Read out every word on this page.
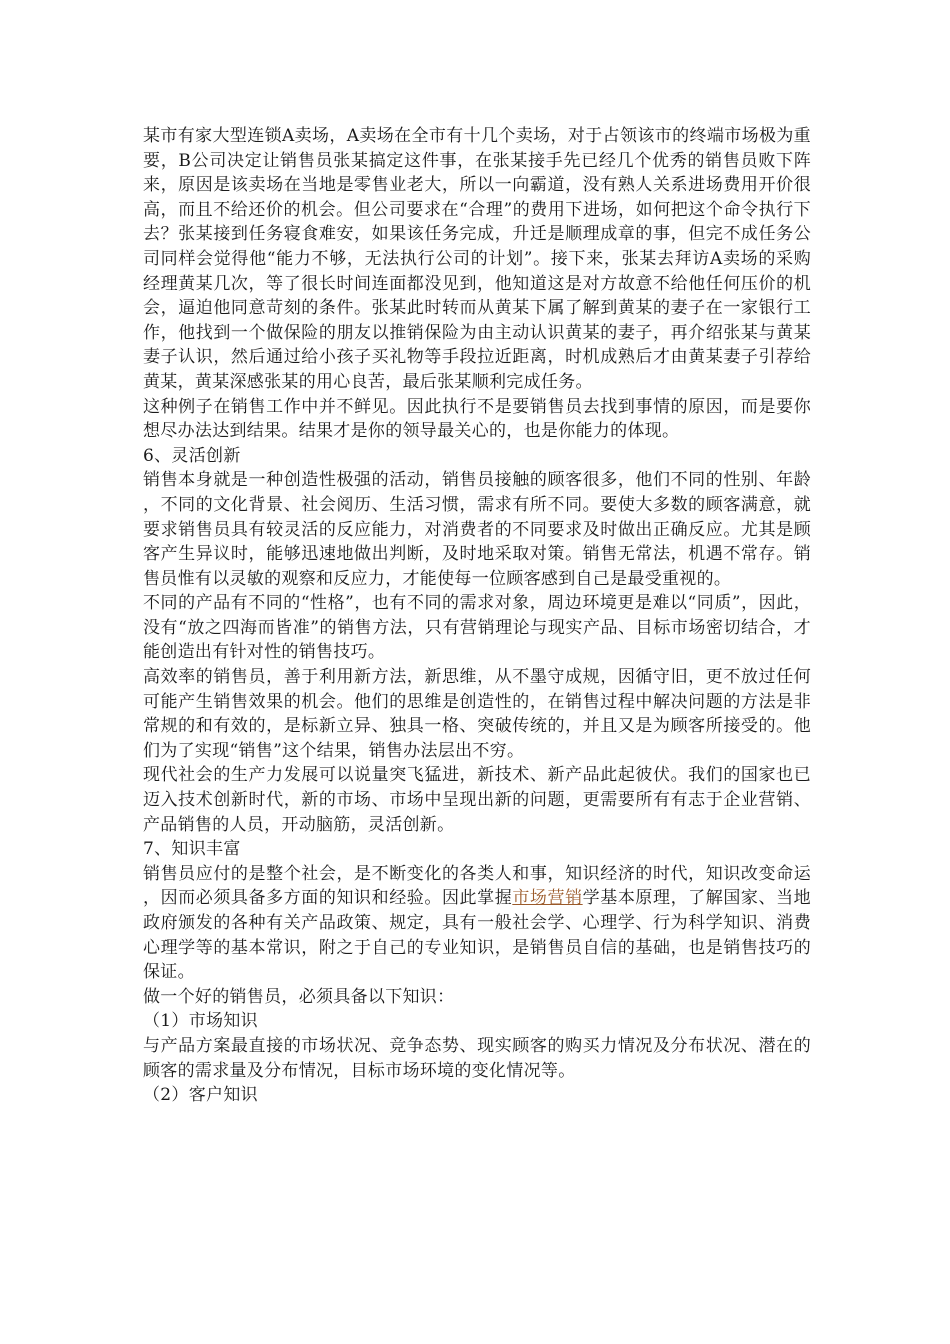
某市有家大型连锁A卖场，A卖场在全市有十几个卖场，对于占领该市的终端市场极为重要，B公司决定让销售员张某搞定这件事，在张某接手先已经几个优秀的销售员败下阵来，原因是该卖场在当地是零售业老大，所以一向霸道，没有熟人关系进场费用开价很高，而且不给还价的机会。但公司要求在“合理”的费用下进场，如何把这个命令执行下去？张某接到任务寝食难安，如果该任务完成，升迁是顺理成章的事，但完不成任务公司同样会觉得他“能力不够，无法执行公司的计划”。接下来，张某去拜访A卖场的采购经理黄某几次，等了很长时间连面都没见到，他知道这是对方故意不给他任何压价的机会，逼迫他同意苛刻的条件。张某此时转而从黄某下属了解到黄某的妻子在一家银行工作，他找到一个做保险的朋友以推销保险为由主动认识黄某的妻子，再介绍张某与黄某妻子认识，然后通过给小孩子买礼物等手段拉近距离，时机成熟后才由黄某妻子引荐给黄某，黄某深感张某的用心良苦，最后张某顺利完成任务。

这种例子在销售工作中并不鲜见。因此执行不是要销售员去找到事情的原因，而是要你想尽办法达到结果。结果才是你的领导最关心的，也是你能力的体现。

6、灵活创新

销售本身就是一种创造性极强的活动，销售员接触的顾客很多，他们不同的性别、年龄，不同的文化背景、社会阅历、生活习惯，需求有所不同。要使大多数的顾客满意，就要求销售员具有较灵活的反应能力，对消费者的不同要求及时做出正确反应。尤其是顾客产生异议时，能够迅速地做出判断，及时地采取对策。销售无常法，机遇不常存。销售员惟有以灵敏的观察和反应力，才能使每一位顾客感到自己是最受重视的。

不同的产品有不同的“性格”，也有不同的需求对象，周边环境更是难以“同质”，因此，没有“放之四海而皆准”的销售方法，只有营销理论与现实产品、目标市场密切结合，才能创造出有针对性的销售技巧。

高效率的销售员，善于利用新方法，新思维，从不墨守成规，因循守旧，更不放过任何可能产生销售效果的机会。他们的思维是创造性的，在销售过程中解决问题的方法是非常规的和有效的，是标新立异、独具一格、突破传统的，并且又是为顾客所接受的。他们为了实现“销售”这个结果，销售办法层出不穷。

现代社会的生产力发展可以说量突飞猛进，新技术、新产品此起彼伏。我们的国家也已迈入技术创新时代，新的市场、市场中呈现出新的问题，更需要所有有志于企业营销、产品销售的人员，开动脑筋，灵活创新。

7、知识丰富

销售员应付的是整个社会，是不断变化的各类人和事，知识经济的时代，知识改变命运，因而必须具备多方面的知识和经验。因此掌握市场营销学基本原理，了解国家、当地政府颁发的各种有关产品政策、规定，具有一般社会学、心理学、行为科学知识、消费心理学等的基本常识，附之于自己的专业知识，是销售员自信的基础，也是销售技巧的保证。

做一个好的销售员，必须具备以下知识：

（1）市场知识

与产品方案最直接的市场状况、竞争态势、现实顾客的购买力情况及分布状况、潜在的顾客的需求量及分布情况，目标市场环境的变化情况等。

（2）客户知识
